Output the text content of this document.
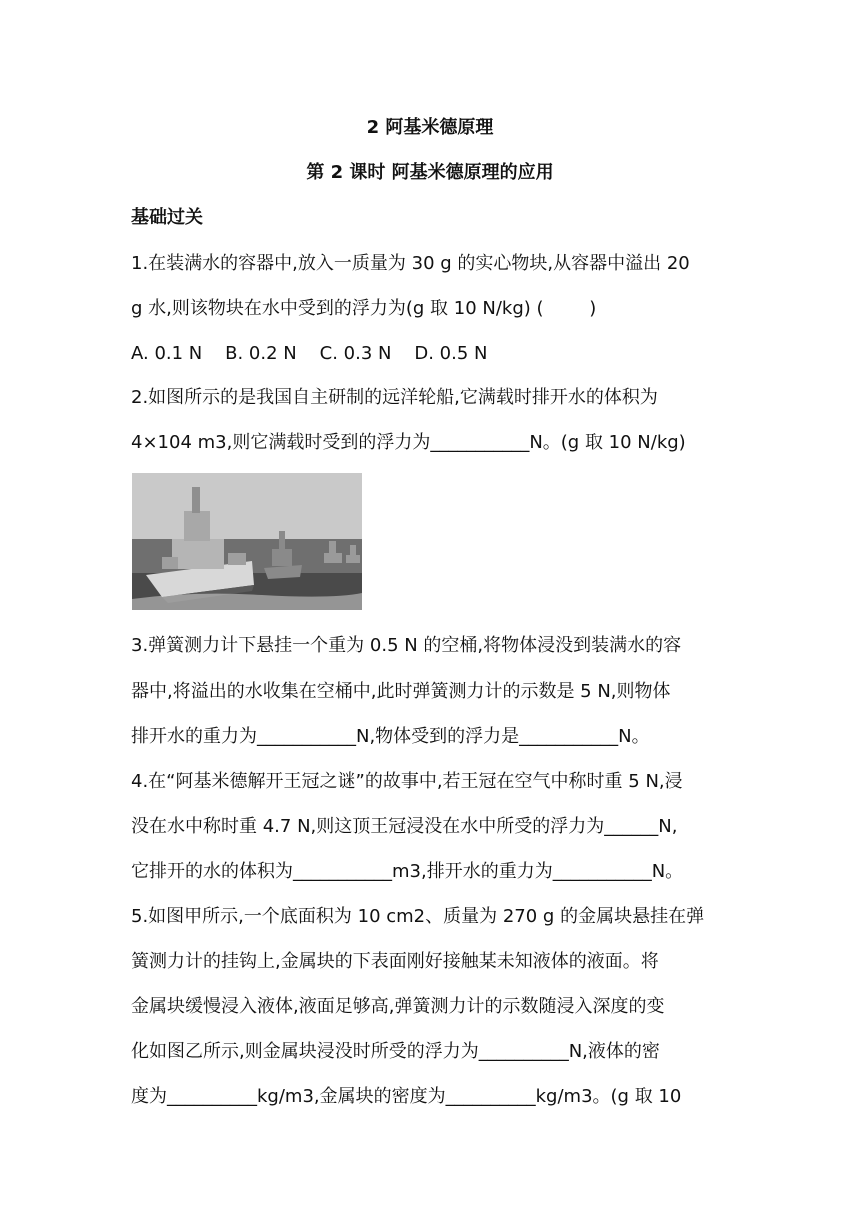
2 阿基米德原理
第 2 课时 阿基米德原理的应用
基础过关
1.在装满水的容器中,放入一质量为 30 g 的实心物块,从容器中溢出 20
g 水,则该物块在水中受到的浮力为(g 取 10 N/kg) (        )
A. 0.1 N    B. 0.2 N    C. 0.3 N    D. 0.5 N
2.如图所示的是我国自主研制的远洋轮船,它满载时排开水的体积为
4×104 m3,则它满载时受到的浮力为___________N。(g 取 10 N/kg)
3.弹簧测力计下悬挂一个重为 0.5 N 的空桶,将物体浸没到装满水的容
器中,将溢出的水收集在空桶中,此时弹簧测力计的示数是 5 N,则物体
排开水的重力为___________N,物体受到的浮力是___________N。
4.在“阿基米德解开王冠之谜”的故事中,若王冠在空气中称时重 5 N,浸
没在水中称时重 4.7 N,则这顶王冠浸没在水中所受的浮力为______N,
它排开的水的体积为___________m3,排开水的重力为___________N。
5.如图甲所示,一个底面积为 10 cm2、质量为 270 g 的金属块悬挂在弹
簧测力计的挂钩上,金属块的下表面刚好接触某未知液体的液面。将
金属块缓慢浸入液体,液面足够高,弹簧测力计的示数随浸入深度的变
化如图乙所示,则金属块浸没时所受的浮力为__________N,液体的密
度为__________kg/m3,金属块的密度为__________kg/m3。(g 取 10
